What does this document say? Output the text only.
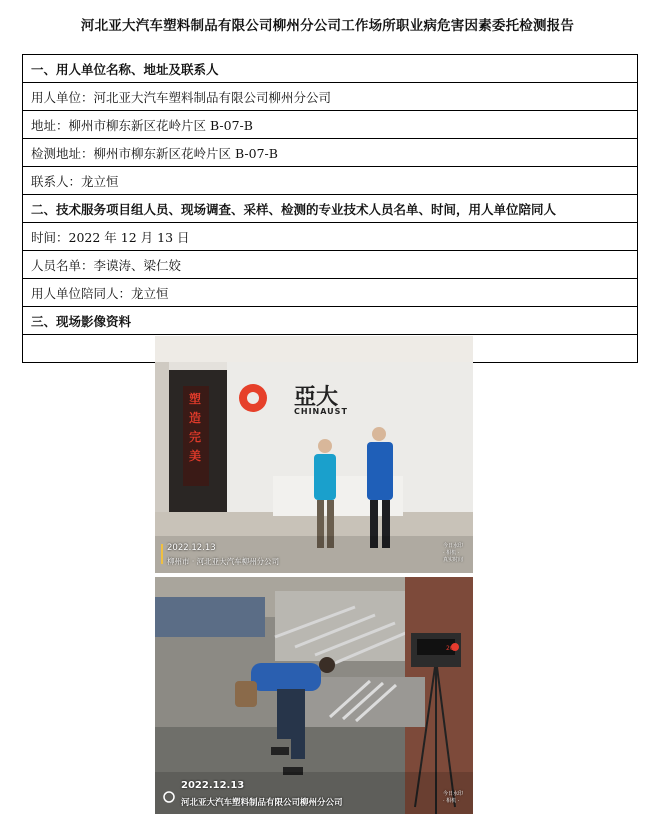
河北亚大汽车塑料制品有限公司柳州分公司工作场所职业病危害因素委托检测报告
一、用人单位名称、地址及联系人
用人单位：河北亚大汽车塑料制品有限公司柳州分公司
地址：柳州市柳东新区花岭片区 B-07-B
检测地址：柳州市柳东新区花岭片区 B-07-B
联系人：龙立恒
二、技术服务项目组人员、现场调查、采样、检测的专业技术人员名单、时间，用人单位陪同人
时间：2022 年 12 月 13 日
人员名单：李谟涛、梁仁姣
用人单位陪同人：龙立恒
三、现场影像资料

亞大
CHINAUST
塑造完美
2022.12.13
柳州市 · 河北亚大汽车柳州分公司
今日水印
· 相机 ·
真实时间
20
2022.12.13
河北亚大汽车塑料制品有限公司柳州分公司
今日水印
· 相机 ·
